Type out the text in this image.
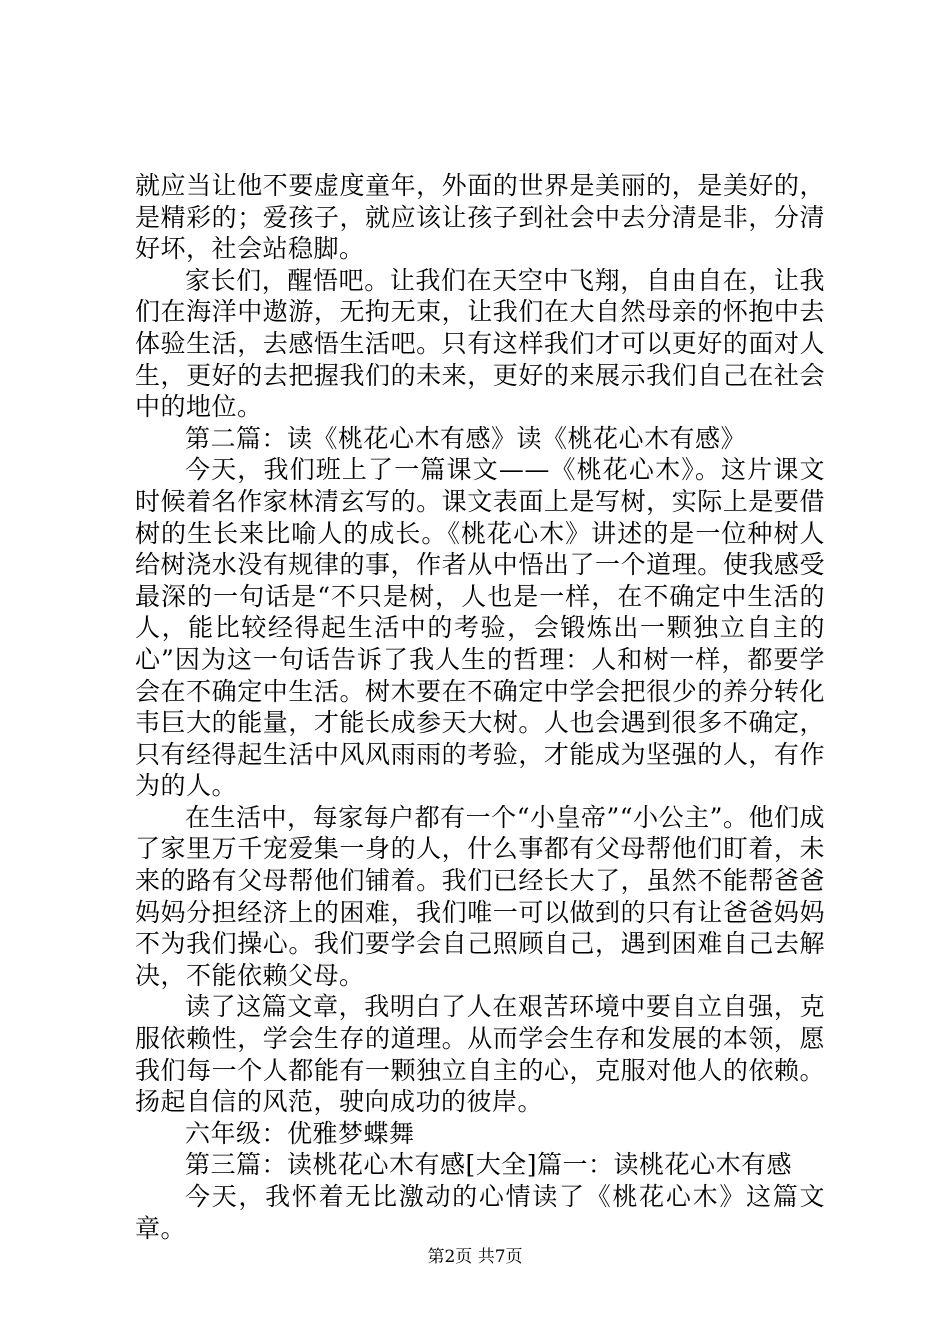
就应当让他不要虚度童年，外面的世界是美丽的，是美好的，是精彩的；爱孩子，就应该让孩子到社会中去分清是非，分清好坏，社会站稳脚。

家长们，醒悟吧。让我们在天空中飞翔，自由自在，让我们在海洋中遨游，无拘无束，让我们在大自然母亲的怀抱中去体验生活，去感悟生活吧。只有这样我们才可以更好的面对人生，更好的去把握我们的未来，更好的来展示我们自己在社会中的地位。

第二篇：读《桃花心木有感》读《桃花心木有感》

今天，我们班上了一篇课文——《桃花心木》。这片课文时候着名作家林清玄写的。课文表面上是写树，实际上是要借树的生长来比喻人的成长。《桃花心木》讲述的是一位种树人给树浇水没有规律的事，作者从中悟出了一个道理。使我感受最深的一句话是“不只是树，人也是一样，在不确定中生活的人，能比较经得起生活中的考验，会锻炼出一颗独立自主的心”因为这一句话告诉了我人生的哲理：人和树一样，都要学会在不确定中生活。树木要在不确定中学会把很少的养分转化韦巨大的能量，才能长成参天大树。人也会遇到很多不确定，只有经得起生活中风风雨雨的考验，才能成为坚强的人，有作为的人。

在生活中，每家每户都有一个“小皇帝”“小公主”。他们成了家里万千宠爱集一身的人，什么事都有父母帮他们盯着，未来的路有父母帮他们铺着。我们已经长大了，虽然不能帮爸爸妈妈分担经济上的困难，我们唯一可以做到的只有让爸爸妈妈不为我们操心。我们要学会自己照顾自己，遇到困难自己去解决，不能依赖父母。

读了这篇文章，我明白了人在艰苦环境中要自立自强，克服依赖性，学会生存的道理。从而学会生存和发展的本领，愿我们每一个人都能有一颗独立自主的心，克服对他人的依赖。扬起自信的风范，驶向成功的彼岸。

六年级：优雅梦蝶舞

第三篇：读桃花心木有感[大全]篇一：读桃花心木有感

今天，我怀着无比激动的心情读了《桃花心木》这篇文章。

第2页 共7页
